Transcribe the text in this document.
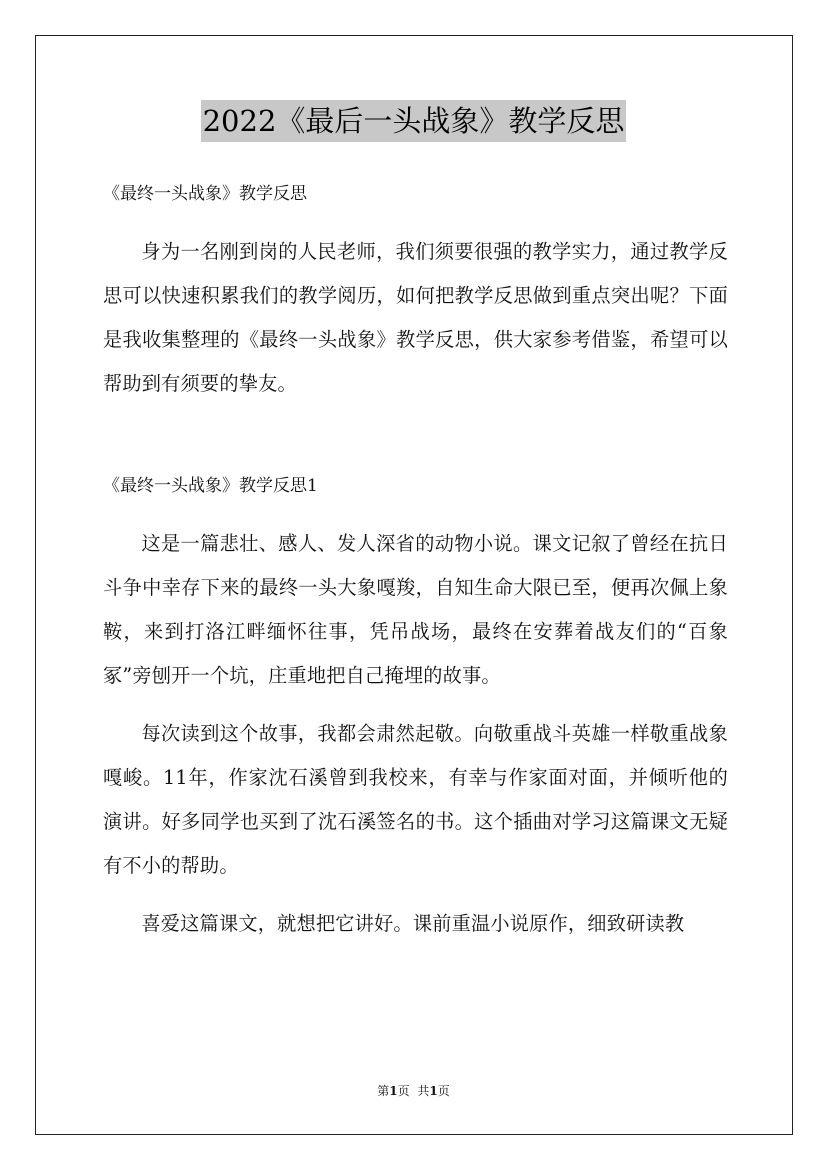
2022《最后一头战象》教学反思

《最终一头战象》教学反思

身为一名刚到岗的人民老师，我们须要很强的教学实力，通过教学反思可以快速积累我们的教学阅历，如何把教学反思做到重点突出呢？下面是我收集整理的《最终一头战象》教学反思，供大家参考借鉴，希望可以帮助到有须要的挚友。

《最终一头战象》教学反思1

这是一篇悲壮、感人、发人深省的动物小说。课文记叙了曾经在抗日斗争中幸存下来的最终一头大象嘎羧，自知生命大限已至，便再次佩上象鞍，来到打洛江畔缅怀往事，凭吊战场，最终在安葬着战友们的“百象冢”旁刨开一个坑，庄重地把自己掩埋的故事。

每次读到这个故事，我都会肃然起敬。向敬重战斗英雄一样敬重战象嘎峻。11年，作家沈石溪曾到我校来，有幸与作家面对面，并倾听他的演讲。好多同学也买到了沈石溪签名的书。这个插曲对学习这篇课文无疑有不小的帮助。

喜爱这篇课文，就想把它讲好。课前重温小说原作，细致研读教

第1页 共1页
